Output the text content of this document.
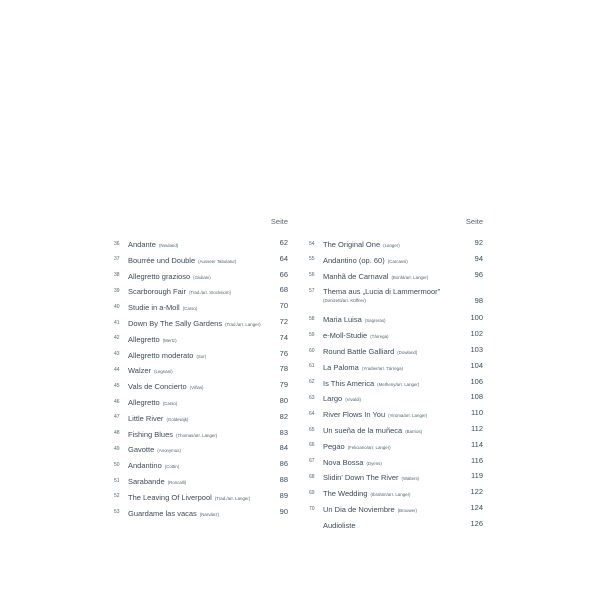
Seite
36	Andante (Neuland)	62
37	Bourrée und Double (Ausseer Tabulatur)	64
38	Allegretto grazioso (Giuliani)	66
39	Scarborough Fair (Trad./arr. Stocksiom)	68
40	Studie in a-Moll (Carso)	70
41	Down By The Sally Gardens (Trad./arr. Langer)	72
42	Allegretto (Mertz)	74
43	Allegretto moderato (Sor)	76
44	Walzer (Legnani)	78
45	Vals de Concierto (Viñas)	79
46	Allegretto (Carso)	80
47	Little River (Goldewijk)	82
48	Fishing Blues (Thomas/arr. Langer)	83
49	Gavotte (Anonymus)	84
50	Andantino (Cottin)	86
51	Sarabande (Roncalli)	88
52	The Leaving Of Liverpool (Trad./arr. Langer)	89
53	Guardame las vacas (Narváez)	90
Seite
54	The Original One (Langer)	92
55	Andantino (op. 60) (Carcassi)	94
56	Manhã de Carnaval (Bonfá/arr. Langer)	96
57	Thema aus „Lucia di Lammermoor"
(Donizetti/arr. Küffner)	98
58	Maria Luisa (Sagreras)	100
59	e-Moll-Studie (Tárrega)	102
60	Round Battle Galliard (Dowland)	103
61	La Paloma (Yradier/arr. Tárrega)	104
62	Is This America (Metheny/arr. Langer)	106
63	Largo (Vivaldi)	108
64	River Flows In You (Yiruma/arr. Langer)	110
65	Un sueña de la muñeca (Barrios)	112
66	Pegao (Feliciano/arr. Langer)	114
67	Nova Bossa (Dyens)	116
68	Slidin' Down The River (Walters)	119
69	The Wedding (Ibrahim/arr. Langer)	122
70	Un Dia de Noviembre (Brouwer)	124
Audioliste	126
